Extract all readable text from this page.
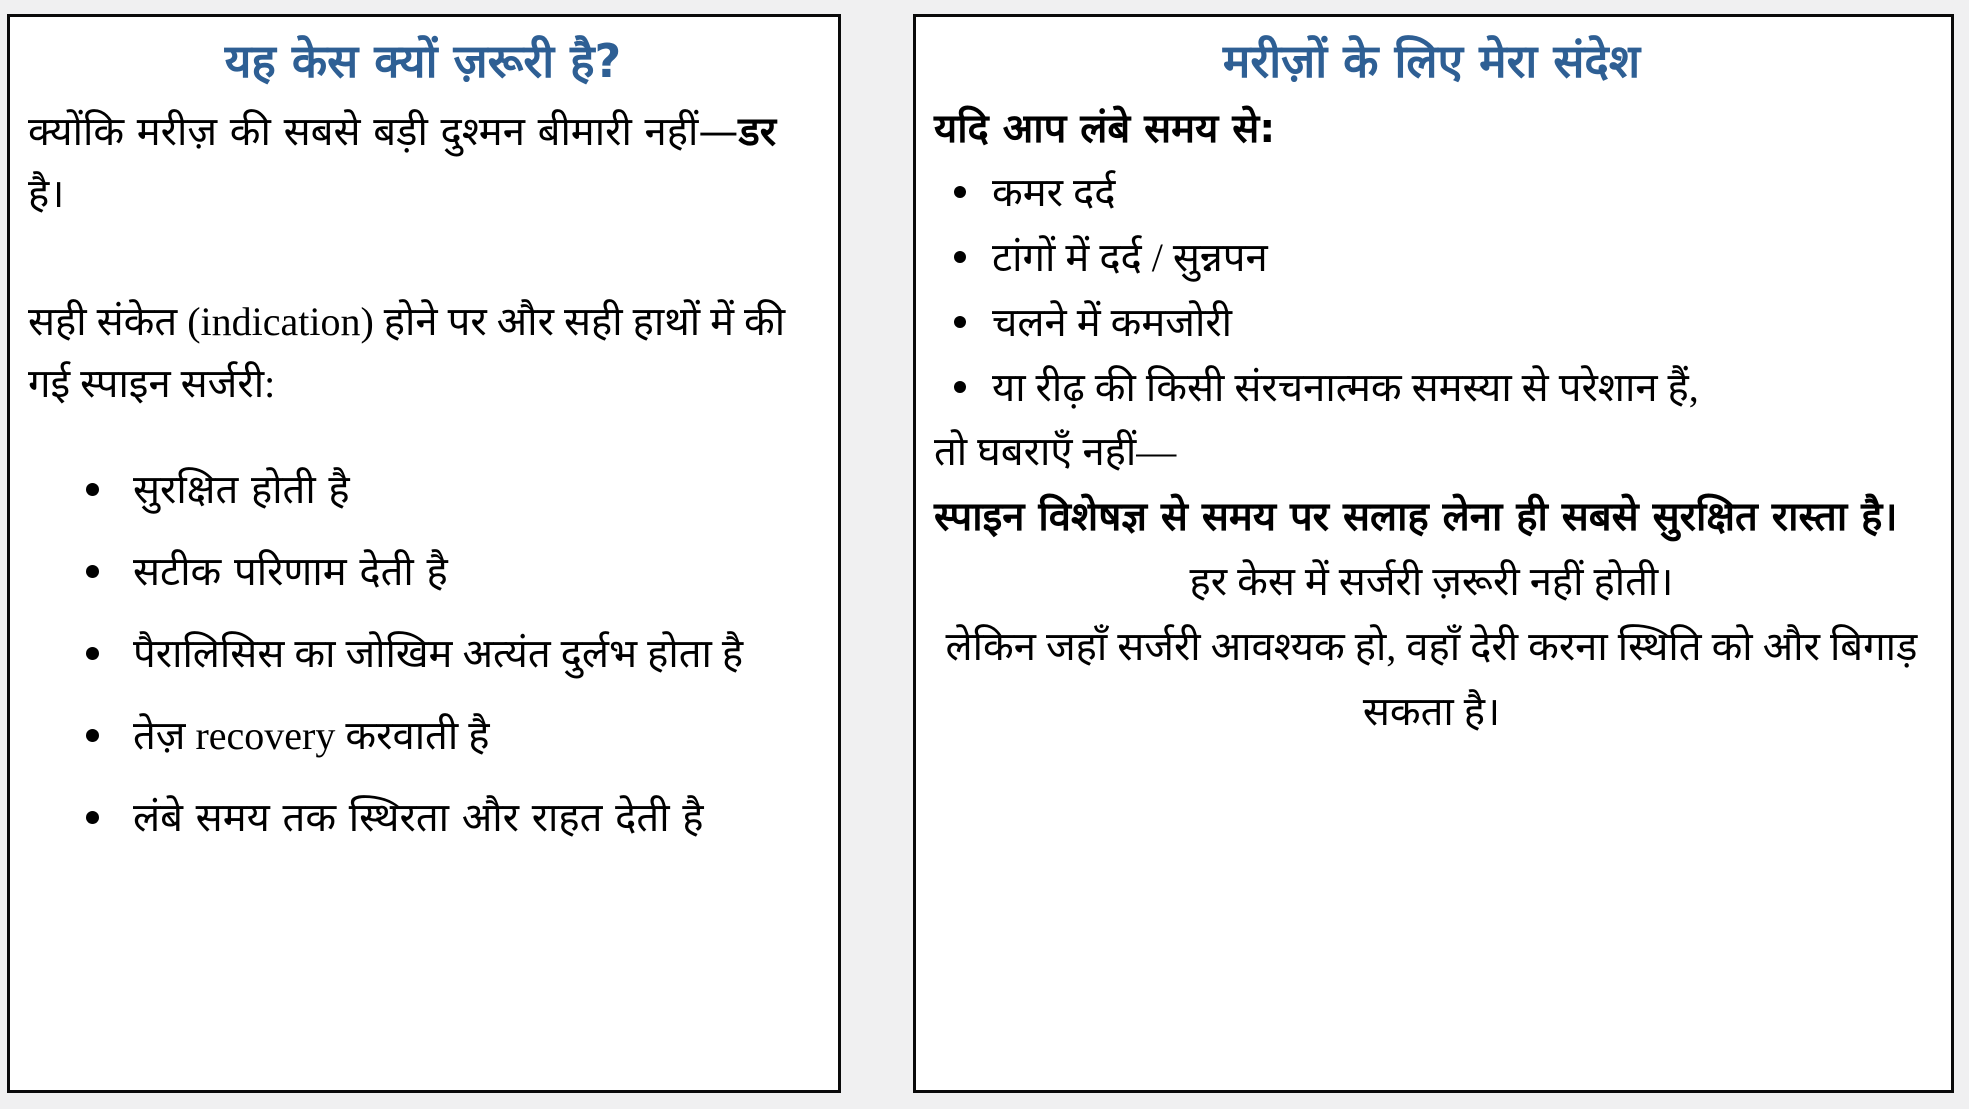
यह केस क्यों ज़रूरी है?

क्योंकि मरीज़ की सबसे बड़ी दुश्मन बीमारी नहीं—डर है।

सही संकेत (indication) होने पर और सही हाथों में की गई स्पाइन सर्जरी:

सुरक्षित होती है
सटीक परिणाम देती है
पैरालिसिस का जोखिम अत्यंत दुर्लभ होता है
तेज़ recovery करवाती है
लंबे समय तक स्थिरता और राहत देती है
मरीज़ों के लिए मेरा संदेश

यदि आप लंबे समय से:

कमर दर्द
टांगों में दर्द / सुन्नपन
चलने में कमजोरी
या रीढ़ की किसी संरचनात्मक समस्या से परेशान हैं,

तो घबराएँ नहीं—

स्पाइन विशेषज्ञ से समय पर सलाह लेना ही सबसे सुरक्षित रास्ता है।

हर केस में सर्जरी ज़रूरी नहीं होती।

लेकिन जहाँ सर्जरी आवश्यक हो, वहाँ देरी करना स्थिति को और बिगाड़ सकता है।
